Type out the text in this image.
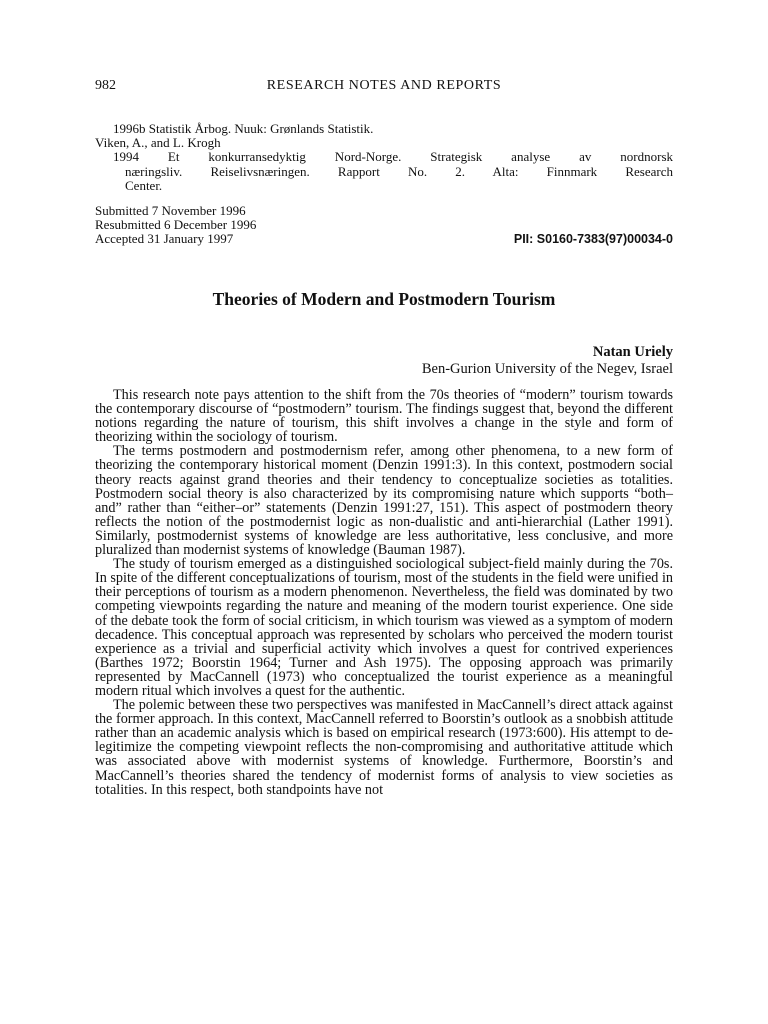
982	RESEARCH NOTES AND REPORTS
1996b Statistik Årbog. Nuuk: Grønlands Statistik.
Viken, A., and L. Krogh
1994 Et konkurransedyktig Nord-Norge. Strategisk analyse av nordnorsk
næringsliv. Reiselivsnæringen. Rapport No. 2. Alta: Finnmark Research
Center.
Submitted 7 November 1996
Resubmitted 6 December 1996
Accepted 31 January 1997	PII: S0160-7383(97)00034-0
Theories of Modern and Postmodern Tourism
Natan Uriely
Ben-Gurion University of the Negev, Israel

This research note pays attention to the shift from the 70s theories of “modern” tourism towards the contemporary discourse of “postmodern” tourism. The findings suggest that, beyond the different notions regarding the nature of tourism, this shift involves a change in the style and form of theorizing within the sociology of tourism.

The terms postmodern and postmodernism refer, among other phenomena, to a new form of theorizing the contemporary historical moment (Denzin 1991:3). In this context, postmodern social theory reacts against grand theories and their tendency to conceptualize societies as totalities. Postmodern social theory is also characterized by its compromising nature which supports “both–and” rather than “either–or” statements (Denzin 1991:27, 151). This aspect of postmodern theory reflects the notion of the postmodernist logic as non-dualistic and anti-hierarchial (Lather 1991). Similarly, postmodernist systems of knowledge are less authoritative, less conclusive, and more pluralized than modernist systems of knowledge (Bauman 1987).

The study of tourism emerged as a distinguished sociological subject-field mainly during the 70s. In spite of the different conceptualizations of tourism, most of the students in the field were unified in their perceptions of tourism as a modern phenomenon. Nevertheless, the field was dominated by two competing viewpoints regarding the nature and meaning of the modern tourist experience. One side of the debate took the form of social criticism, in which tourism was viewed as a symptom of modern decadence. This conceptual approach was represented by scholars who perceived the modern tourist experience as a trivial and superficial activity which involves a quest for contrived experiences (Barthes 1972; Boorstin 1964; Turner and Ash 1975). The opposing approach was primarily represented by MacCannell (1973) who conceptualized the tourist experience as a meaningful modern ritual which involves a quest for the authentic.

The polemic between these two perspectives was manifested in MacCannell’s direct attack against the former approach. In this context, MacCannell referred to Boorstin’s outlook as a snobbish attitude rather than an academic analysis which is based on empirical research (1973:600). His attempt to de-legitimize the competing viewpoint reflects the non-compromising and authoritative attitude which was associated above with modernist systems of knowledge. Furthermore, Boorstin’s and MacCannell’s theories shared the tendency of modernist forms of analysis to view societies as totalities. In this respect, both standpoints have not
